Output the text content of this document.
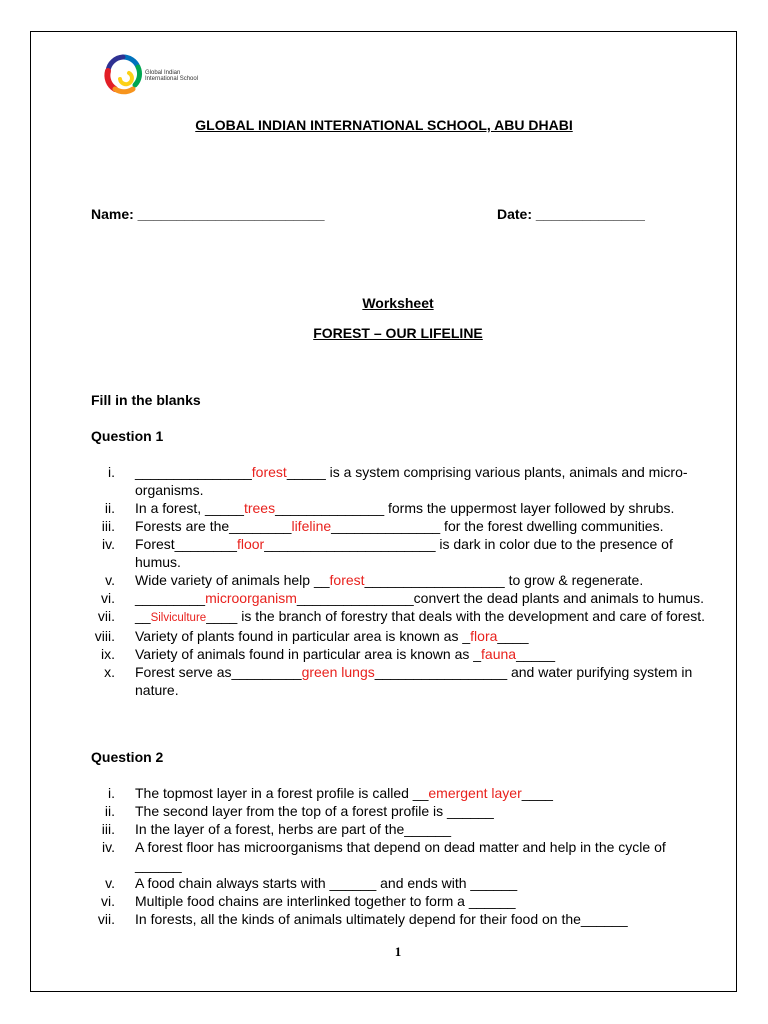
Global Indian International School
GLOBAL INDIAN INTERNATIONAL SCHOOL, ABU DHABI
Name: ________________________	Date: ______________
Worksheet
FOREST – OUR LIFELINE
Fill in the blanks
Question 1
i. _______________forest_____ is a system comprising various plants, animals and micro-organisms.
ii. In a forest, _____trees______________ forms the uppermost layer followed by shrubs.
iii. Forests are the________lifeline______________ for the forest dwelling communities.
iv. Forest________floor______________________ is dark in color due to the presence of humus.
v. Wide variety of animals help __forest__________________ to grow & regenerate.
vi. _________microorganism_______________convert the dead plants and animals to humus.
vii. __Silviculture____ is the branch of forestry that deals with the development and care of forest.
viii. Variety of plants found in particular area is known as _flora____
ix. Variety of animals found in particular area is known as _fauna_____
x. Forest serve as_________green lungs_________________ and water purifying system in nature.
Question 2
i. The topmost layer in a forest profile is called __emergent layer____
ii. The second layer from the top of a forest profile is ______
iii. In the layer of a forest, herbs are part of the______
iv. A forest floor has microorganisms that depend on dead matter and help in the cycle of ______
v. A food chain always starts with ______ and ends with ______
vi. Multiple food chains are interlinked together to form a ______
vii. In forests, all the kinds of animals ultimately depend for their food on the______
1
